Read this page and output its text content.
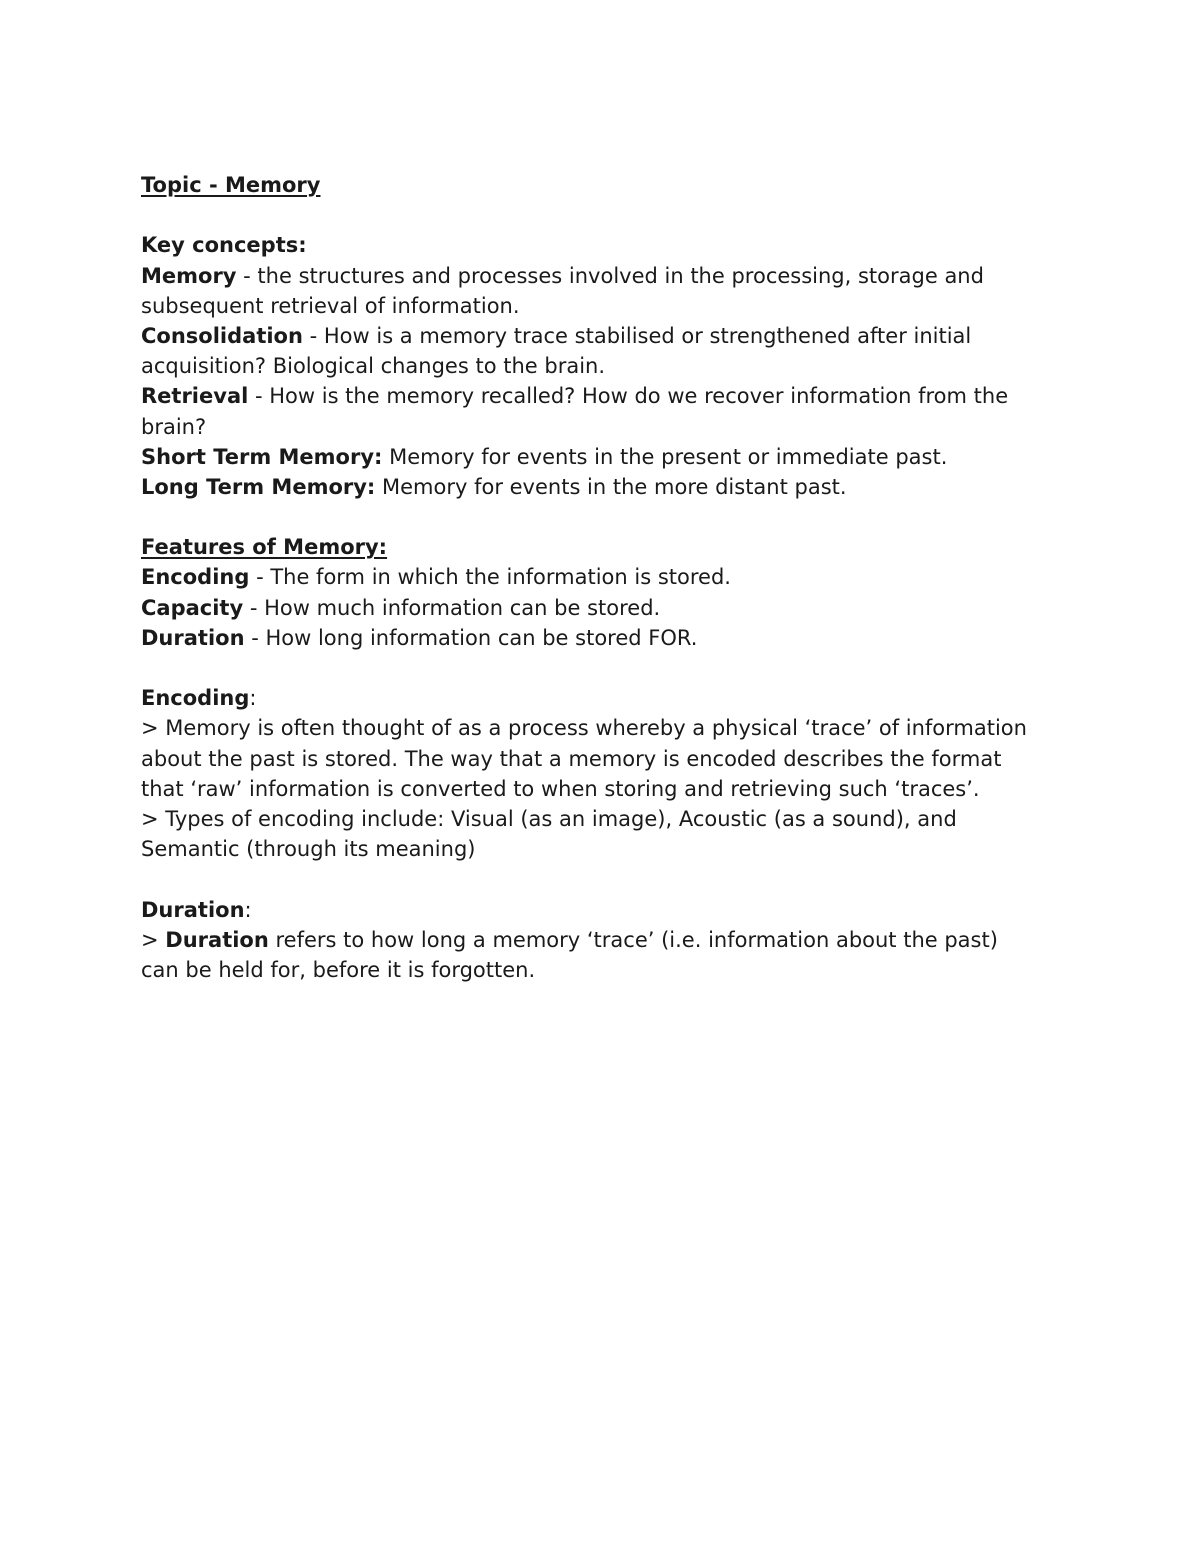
Topic - Memory
Key concepts:
Memory - the structures and processes involved in the processing, storage and
subsequent retrieval of information.
Consolidation - How is a memory trace stabilised or strengthened after initial
acquisition? Biological changes to the brain.
Retrieval - How is the memory recalled? How do we recover information from the
brain?
Short Term Memory: Memory for events in the present or immediate past.
Long Term Memory: Memory for events in the more distant past.
Features of Memory:
Encoding - The form in which the information is stored.
Capacity - How much information can be stored.
Duration - How long information can be stored FOR.
Encoding:
> Memory is often thought of as a process whereby a physical ‘trace’ of information
about the past is stored. The way that a memory is encoded describes the format
that ‘raw’ information is converted to when storing and retrieving such ‘traces’.
> Types of encoding include: Visual (as an image), Acoustic (as a sound), and
Semantic (through its meaning)
Duration:
> Duration refers to how long a memory ‘trace’ (i.e. information about the past)
can be held for, before it is forgotten.
